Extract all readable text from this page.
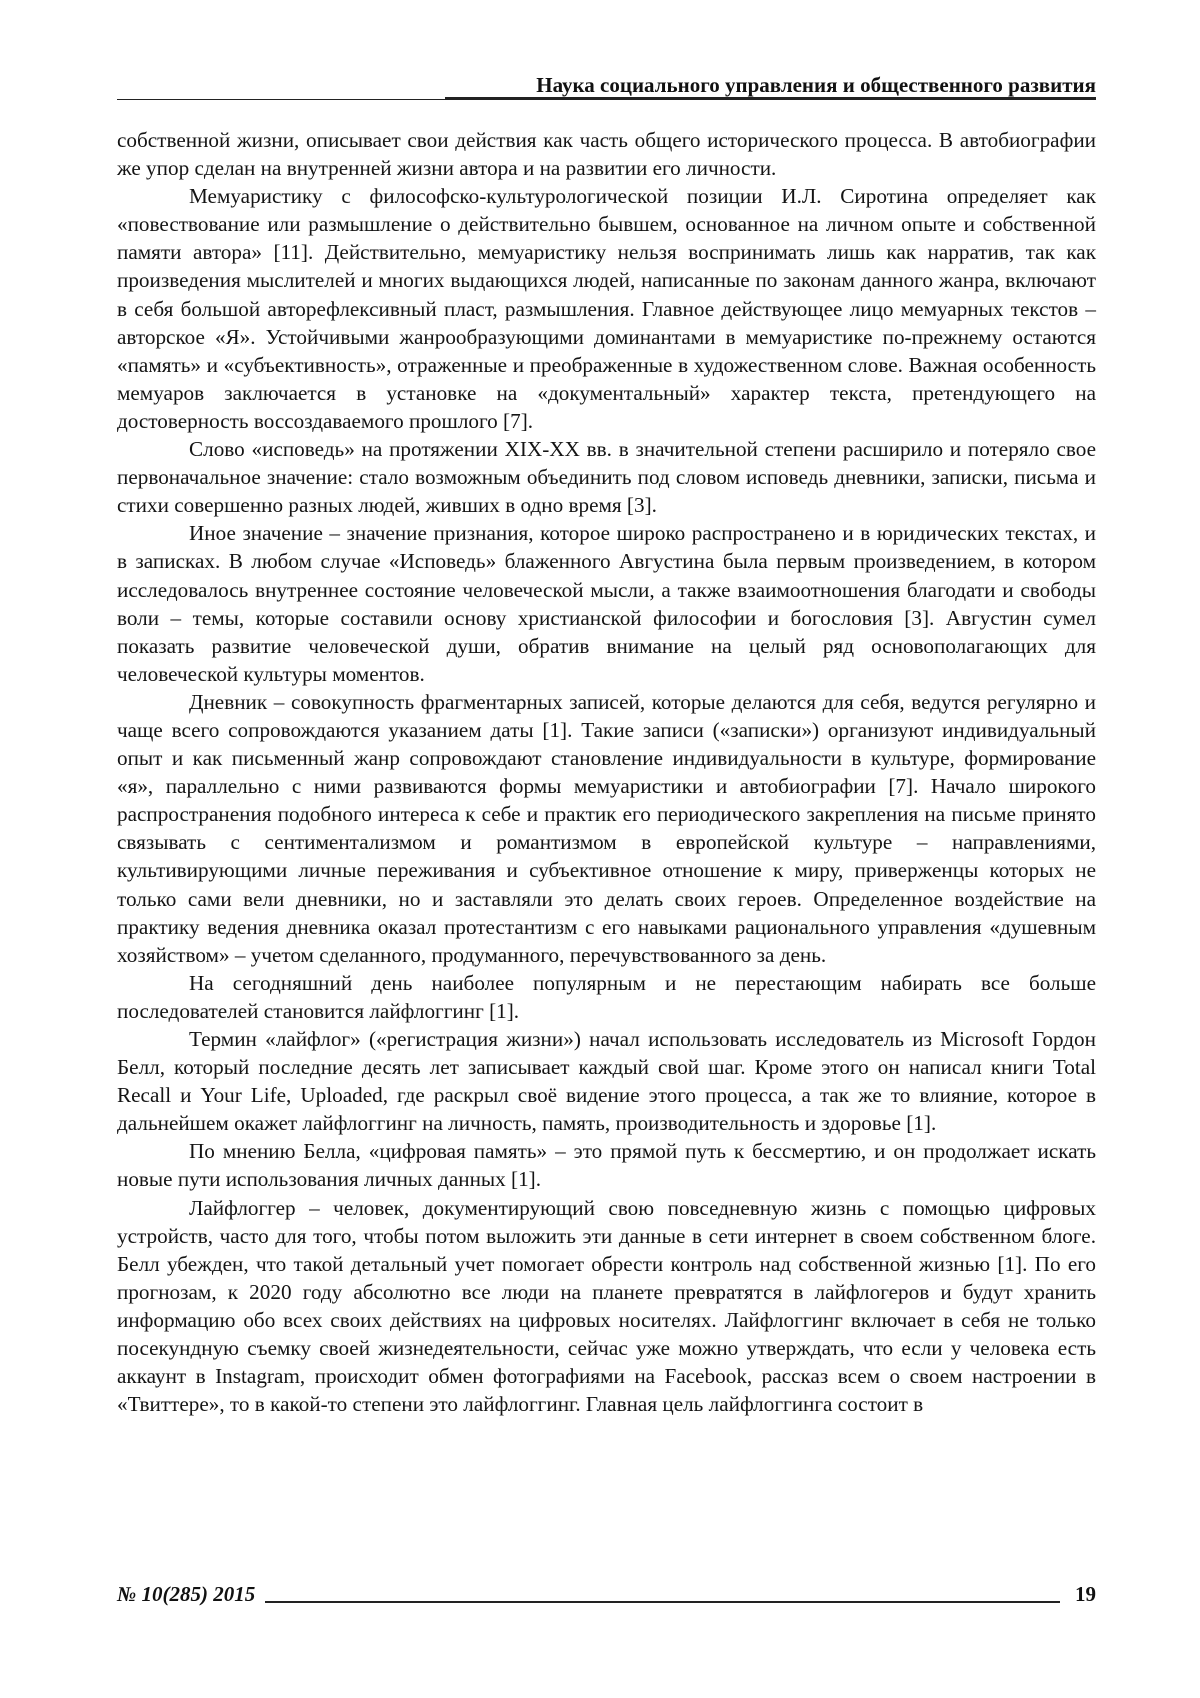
Наука социального управления и общественного развития

собственной жизни, описывает свои действия как часть общего исторического процесса. В автобиографии же упор сделан на внутренней жизни автора и на развитии его личности.

Мемуаристику с философско-культурологической позиции И.Л. Сиротина определяет как «повествование или размышление о действительно бывшем, основанное на личном опыте и собственной памяти автора» [11]. Действительно, мемуаристику нельзя воспринимать лишь как нарратив, так как произведения мыслителей и многих выдающихся людей, написанные по законам данного жанра, включают в себя большой авторефлексивный пласт, размышления. Главное действующее лицо мемуарных текстов – авторское «Я». Устойчивыми жанрообразующими доминантами в мемуаристике по-прежнему остаются «память» и «субъективность», отраженные и преображенные в художественном слове. Важная особенность мемуаров заключается в установке на «документальный» характер текста, претендующего на достоверность воссоздаваемого прошлого [7].

Слово «исповедь» на протяжении XIX-XX вв. в значительной степени расширило и потеряло свое первоначальное значение: стало возможным объединить под словом исповедь дневники, записки, письма и стихи совершенно разных людей, живших в одно время [3].

Иное значение – значение признания, которое широко распространено и в юридических текстах, и в записках. В любом случае «Исповедь» блаженного Августина была первым произведением, в котором исследовалось внутреннее состояние человеческой мысли, а также взаимоотношения благодати и свободы воли – темы, которые составили основу христианской философии и богословия [3]. Августин сумел показать развитие человеческой души, обратив внимание на целый ряд основополагающих для человеческой культуры моментов.

Дневник – совокупность фрагментарных записей, которые делаются для себя, ведутся регулярно и чаще всего сопровождаются указанием даты [1]. Такие записи («записки») организуют индивидуальный опыт и как письменный жанр сопровождают становление индивидуальности в культуре, формирование «я», параллельно с ними развиваются формы мемуаристики и автобиографии [7]. Начало широкого распространения подобного интереса к себе и практик его периодического закрепления на письме принято связывать с сентиментализмом и романтизмом в европейской культуре – направлениями, культивирующими личные переживания и субъективное отношение к миру, приверженцы которых не только сами вели дневники, но и заставляли это делать своих героев. Определенное воздействие на практику ведения дневника оказал протестантизм с его навыками рационального управления «душевным хозяйством» – учетом сделанного, продуманного, перечувствованного за день.

На сегодняшний день наиболее популярным и не перестающим набирать все больше последователей становится лайфлоггинг [1].

Термин «лайфлог» («регистрация жизни») начал использовать исследователь из Microsoft Гордон Белл, который последние десять лет записывает каждый свой шаг. Кроме этого он написал книги Total Recall и Your Life, Uploaded, где раскрыл своё видение этого процесса, а так же то влияние, которое в дальнейшем окажет лайфлоггинг на личность, память, производительность и здоровье [1].

По мнению Белла, «цифровая память» – это прямой путь к бессмертию, и он продолжает искать новые пути использования личных данных [1].

Лайфлоггер – человек, документирующий свою повседневную жизнь с помощью цифровых устройств, часто для того, чтобы потом выложить эти данные в сети интернет в своем собственном блоге. Белл убежден, что такой детальный учет помогает обрести контроль над собственной жизнью [1]. По его прогнозам, к 2020 году абсолютно все люди на планете превратятся в лайфлогеров и будут хранить информацию обо всех своих действиях на цифровых носителях. Лайфлоггинг включает в себя не только посекундную съемку своей жизнедеятельности, сейчас уже можно утверждать, что если у человека есть аккаунт в Instagram, происходит обмен фотографиями на Facebook, рассказ всем о своем настроении в «Твиттере», то в какой-то степени это лайфлоггинг. Главная цель лайфлоггинга состоит в

№ 10(285) 2015	19
